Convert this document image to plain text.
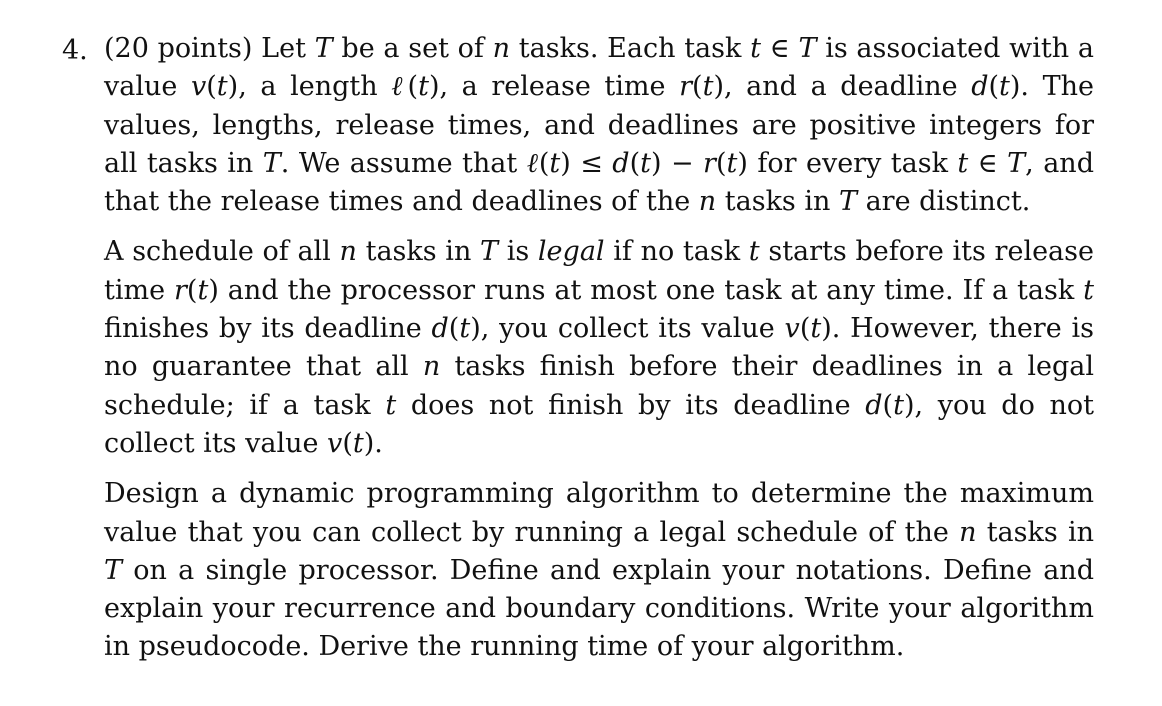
4. (20 points) Let T be a set of n tasks. Each task t ∈ T is associated with a value v(t), a length ℓ(t), a release time r(t), and a deadline d(t). The values, lengths, release times, and deadlines are positive integers for all tasks in T. We assume that ℓ(t) ≤ d(t) − r(t) for every task t ∈ T, and that the release times and deadlines of the n tasks in T are distinct.

A schedule of all n tasks in T is legal if no task t starts before its release time r(t) and the processor runs at most one task at any time. If a task t finishes by its deadline d(t), you collect its value v(t). However, there is no guarantee that all n tasks finish before their deadlines in a legal schedule; if a task t does not finish by its deadline d(t), you do not collect its value v(t).

Design a dynamic programming algorithm to determine the maximum value that you can collect by running a legal schedule of the n tasks in T on a single processor. Define and explain your notations. Define and explain your recurrence and boundary conditions. Write your algorithm in pseudocode. Derive the running time of your algorithm.
